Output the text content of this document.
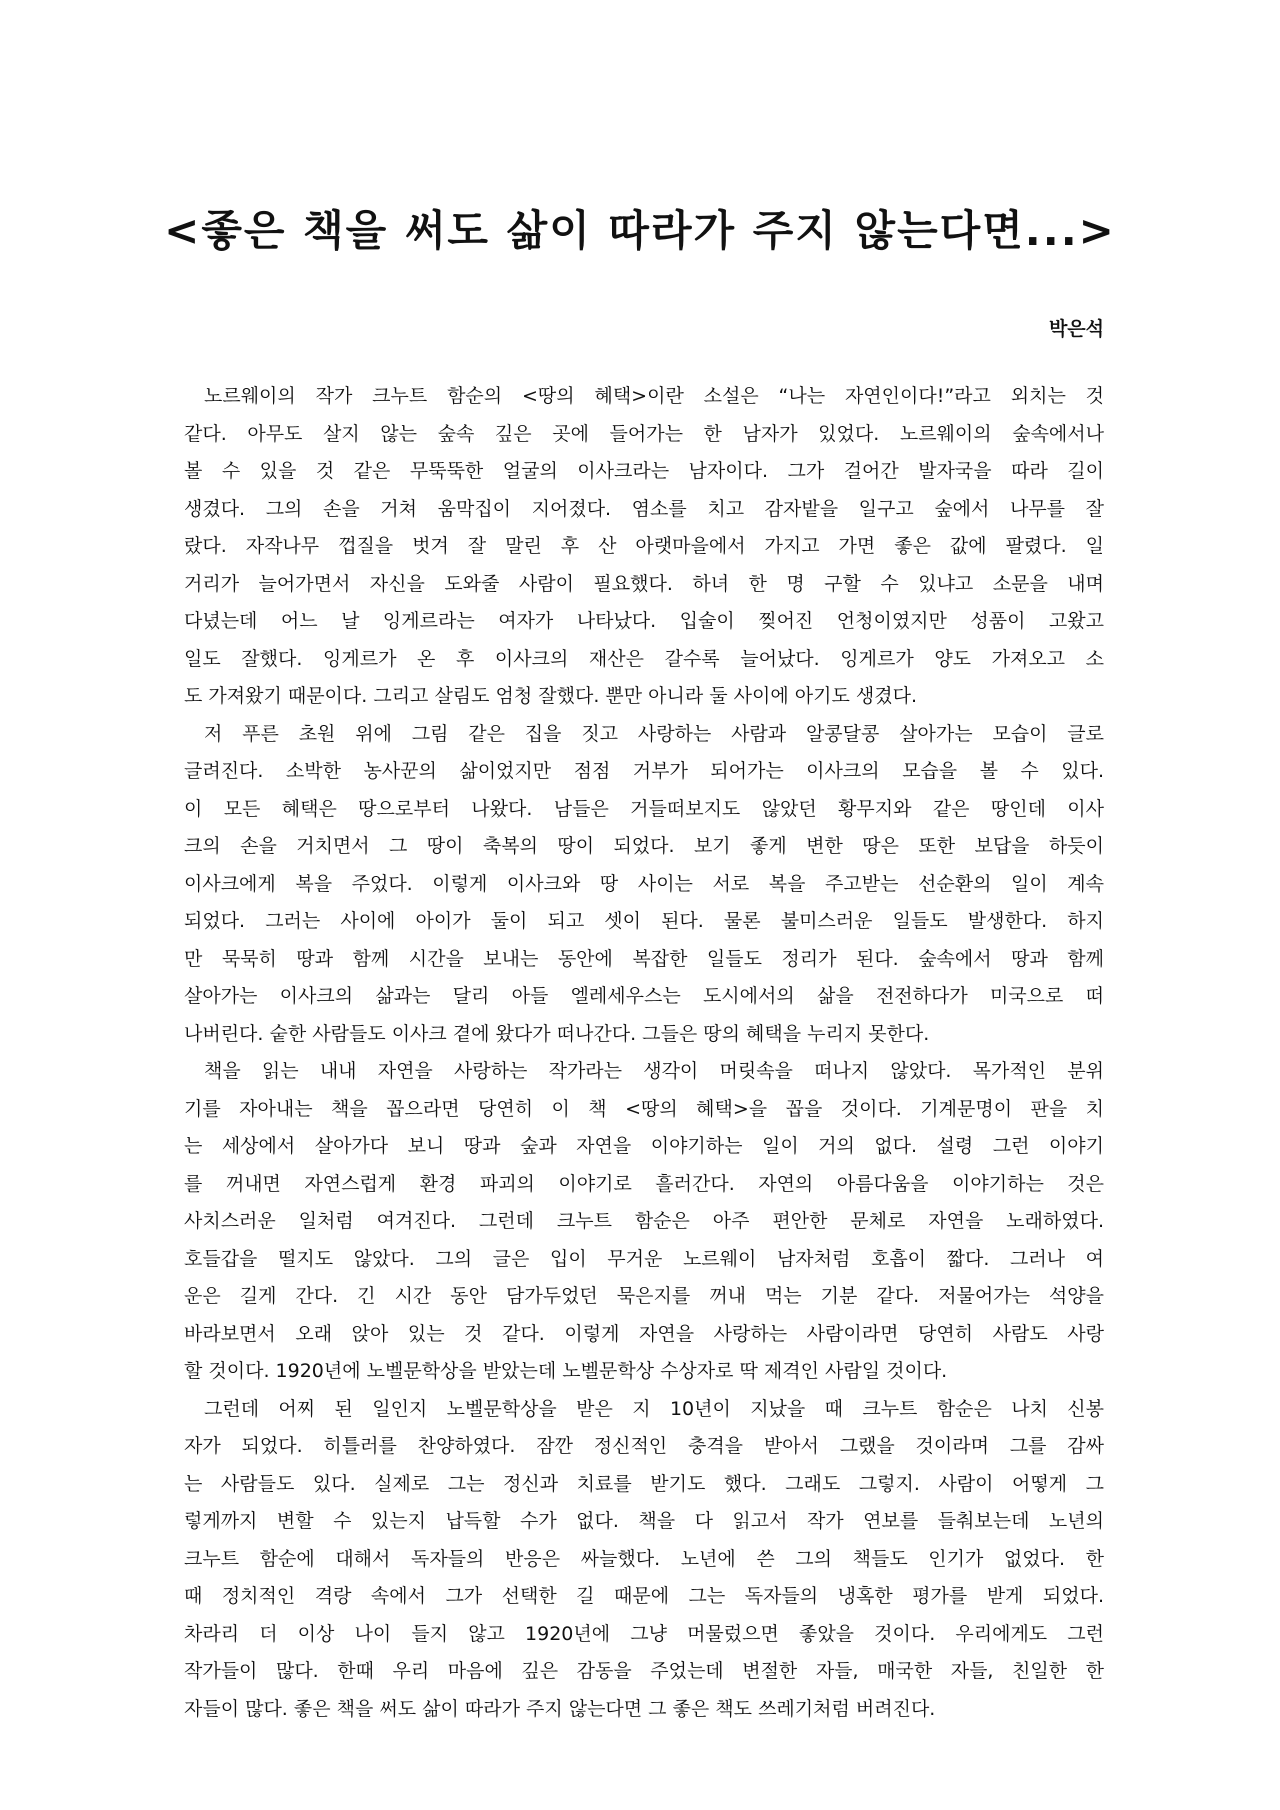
<좋은 책을 써도 삶이 따라가 주지 않는다면...>
박은석
노르웨이의 작가 크누트 함순의 <땅의 혜택>이란 소설은 “나는 자연인이다!”라고 외치는 것
같다. 아무도 살지 않는 숲속 깊은 곳에 들어가는 한 남자가 있었다. 노르웨이의 숲속에서나
볼 수 있을 것 같은 무뚝뚝한 얼굴의 이사크라는 남자이다. 그가 걸어간 발자국을 따라 길이
생겼다. 그의 손을 거쳐 움막집이 지어졌다. 염소를 치고 감자밭을 일구고 숲에서 나무를 잘
랐다. 자작나무 껍질을 벗겨 잘 말린 후 산 아랫마을에서 가지고 가면 좋은 값에 팔렸다. 일
거리가 늘어가면서 자신을 도와줄 사람이 필요했다. 하녀 한 명 구할 수 있냐고 소문을 내며
다녔는데 어느 날 잉게르라는 여자가 나타났다. 입술이 찢어진 언청이였지만 성품이 고왔고
일도 잘했다. 잉게르가 온 후 이사크의 재산은 갈수록 늘어났다. 잉게르가 양도 가져오고 소
도 가져왔기 때문이다. 그리고 살림도 엄청 잘했다. 뿐만 아니라 둘 사이에 아기도 생겼다.
저 푸른 초원 위에 그림 같은 집을 짓고 사랑하는 사람과 알콩달콩 살아가는 모습이 글로
글려진다. 소박한 농사꾼의 삶이었지만 점점 거부가 되어가는 이사크의 모습을 볼 수 있다.
이 모든 혜택은 땅으로부터 나왔다. 남들은 거들떠보지도 않았던 황무지와 같은 땅인데 이사
크의 손을 거치면서 그 땅이 축복의 땅이 되었다. 보기 좋게 변한 땅은 또한 보답을 하듯이
이사크에게 복을 주었다. 이렇게 이사크와 땅 사이는 서로 복을 주고받는 선순환의 일이 계속
되었다. 그러는 사이에 아이가 둘이 되고 셋이 된다. 물론 불미스러운 일들도 발생한다. 하지
만 묵묵히 땅과 함께 시간을 보내는 동안에 복잡한 일들도 정리가 된다. 숲속에서 땅과 함께
살아가는 이사크의 삶과는 달리 아들 엘레세우스는 도시에서의 삶을 전전하다가 미국으로 떠
나버린다. 숱한 사람들도 이사크 곁에 왔다가 떠나간다. 그들은 땅의 혜택을 누리지 못한다.
책을 읽는 내내 자연을 사랑하는 작가라는 생각이 머릿속을 떠나지 않았다. 목가적인 분위
기를 자아내는 책을 꼽으라면 당연히 이 책 <땅의 혜택>을 꼽을 것이다. 기계문명이 판을 치
는 세상에서 살아가다 보니 땅과 숲과 자연을 이야기하는 일이 거의 없다. 설령 그런 이야기
를 꺼내면 자연스럽게 환경 파괴의 이야기로 흘러간다. 자연의 아름다움을 이야기하는 것은
사치스러운 일처럼 여겨진다. 그런데 크누트 함순은 아주 편안한 문체로 자연을 노래하였다.
호들갑을 떨지도 않았다. 그의 글은 입이 무거운 노르웨이 남자처럼 호흡이 짧다. 그러나 여
운은 길게 간다. 긴 시간 동안 담가두었던 묵은지를 꺼내 먹는 기분 같다. 저물어가는 석양을
바라보면서 오래 앉아 있는 것 같다. 이렇게 자연을 사랑하는 사람이라면 당연히 사람도 사랑
할 것이다. 1920년에 노벨문학상을 받았는데 노벨문학상 수상자로 딱 제격인 사람일 것이다.
그런데 어찌 된 일인지 노벨문학상을 받은 지 10년이 지났을 때 크누트 함순은 나치 신봉
자가 되었다. 히틀러를 찬양하였다. 잠깐 정신적인 충격을 받아서 그랬을 것이라며 그를 감싸
는 사람들도 있다. 실제로 그는 정신과 치료를 받기도 했다. 그래도 그렇지. 사람이 어떻게 그
렇게까지 변할 수 있는지 납득할 수가 없다. 책을 다 읽고서 작가 연보를 들춰보는데 노년의
크누트 함순에 대해서 독자들의 반응은 싸늘했다. 노년에 쓴 그의 책들도 인기가 없었다. 한
때 정치적인 격랑 속에서 그가 선택한 길 때문에 그는 독자들의 냉혹한 평가를 받게 되었다.
차라리 더 이상 나이 들지 않고 1920년에 그냥 머물렀으면 좋았을 것이다. 우리에게도 그런
작가들이 많다. 한때 우리 마음에 깊은 감동을 주었는데 변절한 자들, 매국한 자들, 친일한 한
자들이 많다. 좋은 책을 써도 삶이 따라가 주지 않는다면 그 좋은 책도 쓰레기처럼 버려진다.
